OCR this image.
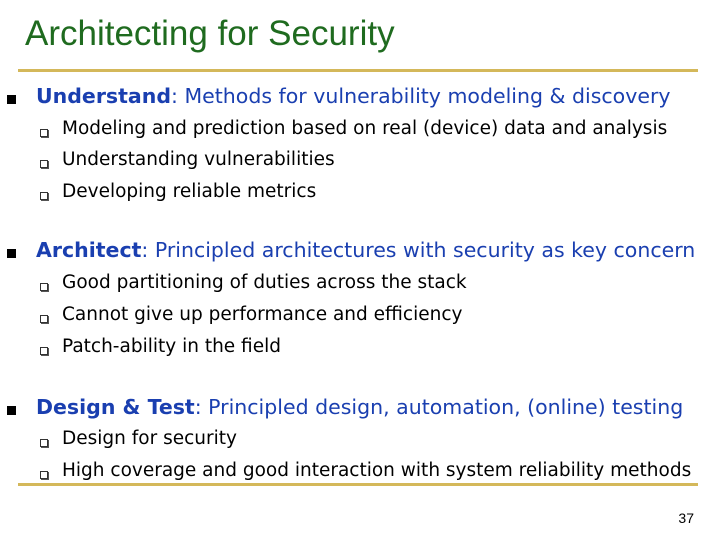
Architecting for Security
Understand: Methods for vulnerability modeling & discovery
Modeling and prediction based on real (device) data and analysis
Understanding vulnerabilities
Developing reliable metrics
Architect: Principled architectures with security as key concern
Good partitioning of duties across the stack
Cannot give up performance and efficiency
Patch-ability in the field
Design & Test: Principled design, automation, (online) testing
Design for security
High coverage and good interaction with system reliability methods
37
